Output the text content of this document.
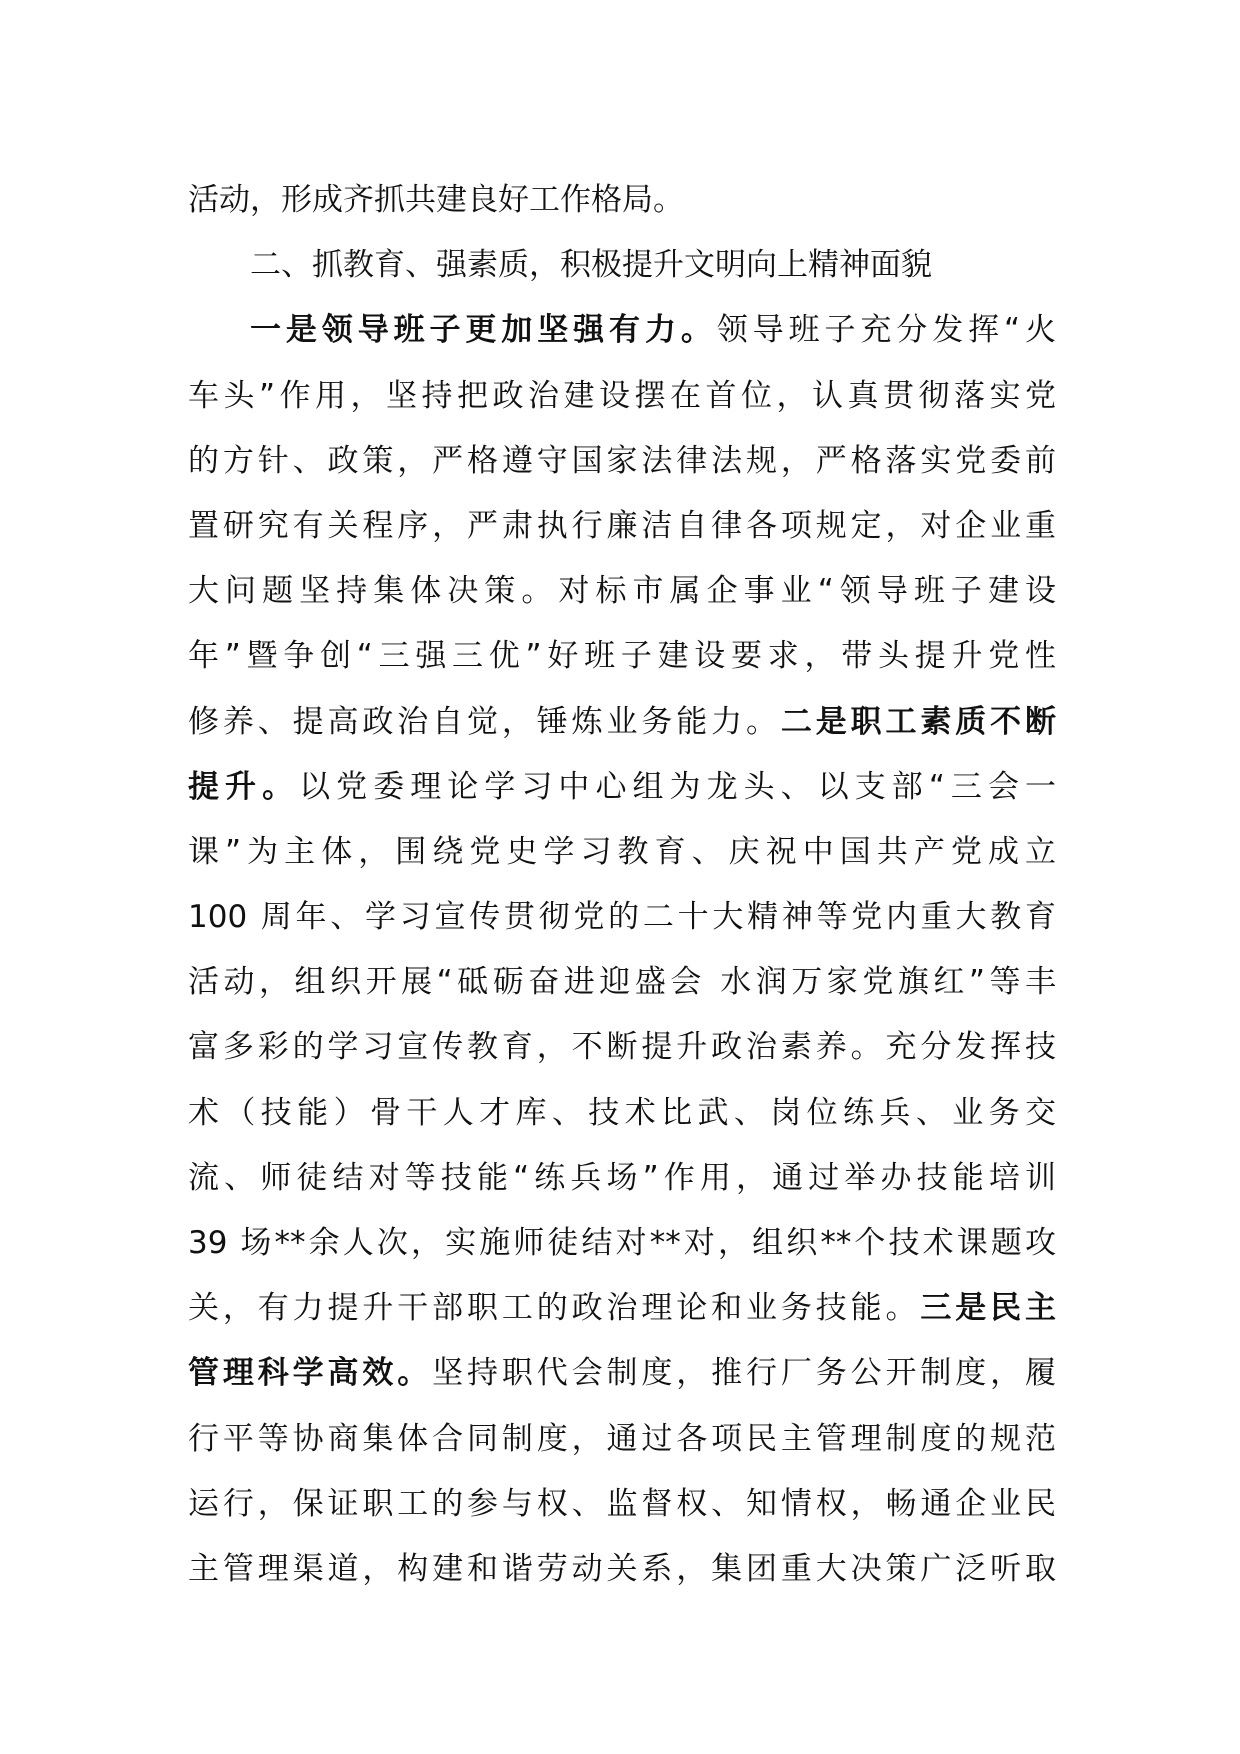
活动，形成齐抓共建良好工作格局。
二、抓教育、强素质，积极提升文明向上精神面貌
一是领导班子更加坚强有力。领导班子充分发挥“火
车头”作用，坚持把政治建设摆在首位，认真贯彻落实党
的方针、政策，严格遵守国家法律法规，严格落实党委前
置研究有关程序，严肃执行廉洁自律各项规定，对企业重
大问题坚持集体决策。对标市属企事业“领导班子建设
年”暨争创“三强三优”好班子建设要求，带头提升党性
修养、提高政治自觉，锤炼业务能力。二是职工素质不断
提升。以党委理论学习中心组为龙头、以支部“三会一
课”为主体，围绕党史学习教育、庆祝中国共产党成立
100 周年、学习宣传贯彻党的二十大精神等党内重大教育
活动，组织开展“砥砺奋进迎盛会 水润万家党旗红”等丰
富多彩的学习宣传教育，不断提升政治素养。充分发挥技
术（技能）骨干人才库、技术比武、岗位练兵、业务交
流、师徒结对等技能“练兵场”作用，通过举办技能培训
39 场**余人次，实施师徒结对**对，组织**个技术课题攻
关，有力提升干部职工的政治理论和业务技能。三是民主
管理科学高效。坚持职代会制度，推行厂务公开制度，履
行平等协商集体合同制度，通过各项民主管理制度的规范
运行，保证职工的参与权、监督权、知情权，畅通企业民
主管理渠道，构建和谐劳动关系，集团重大决策广泛听取
